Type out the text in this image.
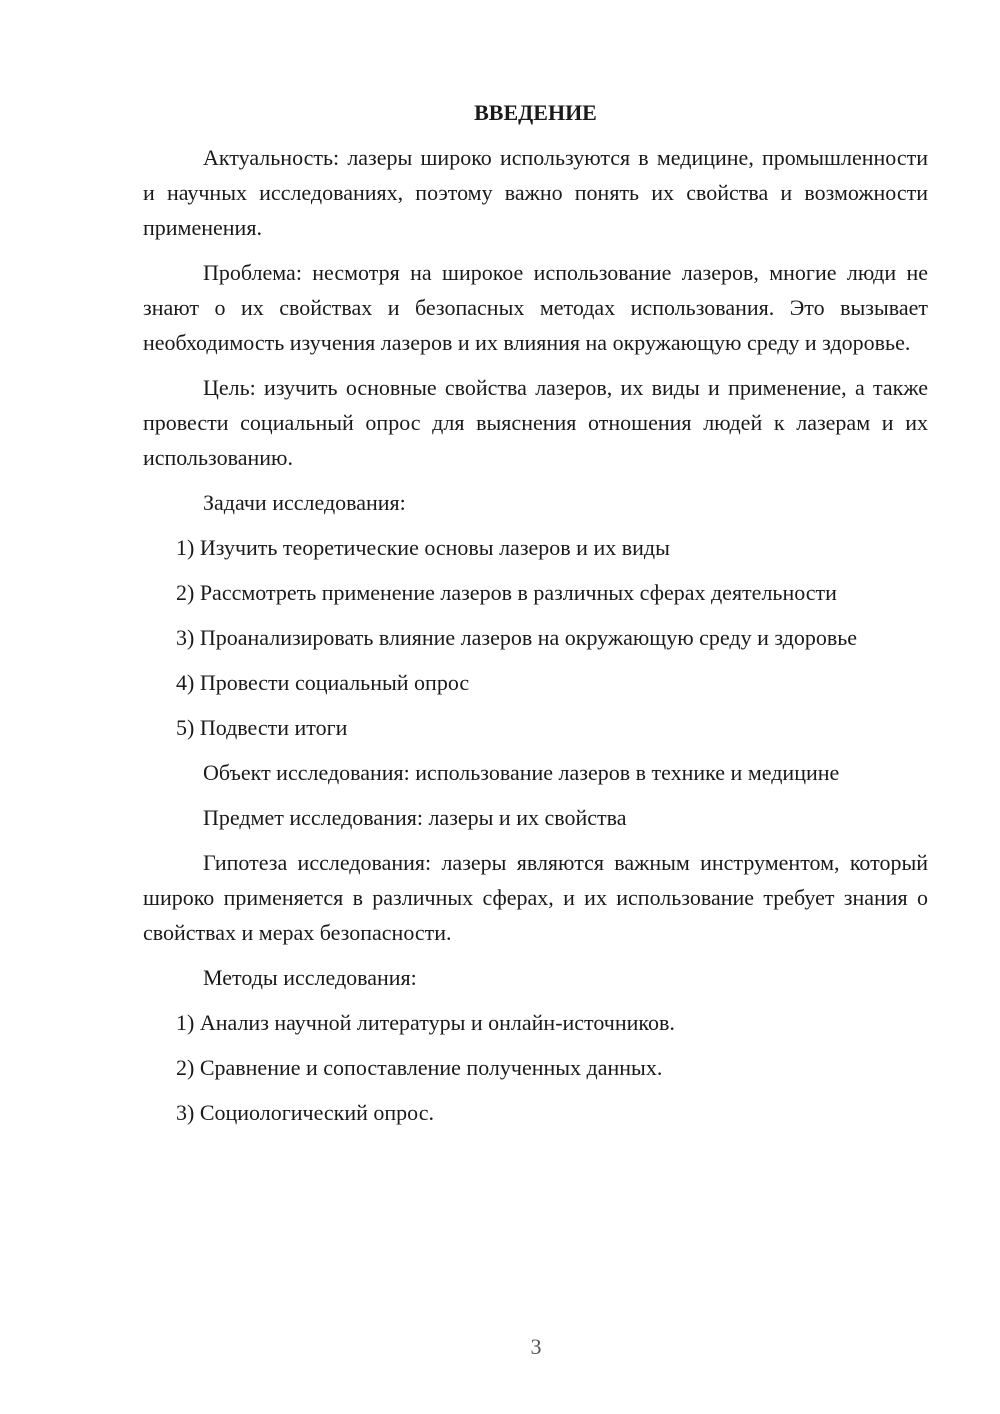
ВВЕДЕНИЕ

Актуальность: лазеры широко используются в медицине, промышленности и научных исследованиях, поэтому важно понять их свойства и возможности применения.

Проблема: несмотря на широкое использование лазеров, многие люди не знают о их свойствах и безопасных методах использования. Это вызывает необходимость изучения лазеров и их влияния на окружающую среду и здоровье.

Цель: изучить основные свойства лазеров, их виды и применение, а также провести социальный опрос для выяснения отношения людей к лазерам и их использованию.

Задачи исследования:

1) Изучить теоретические основы лазеров и их виды

2) Рассмотреть применение лазеров в различных сферах деятельности

3) Проанализировать влияние лазеров на окружающую среду и здоровье

4) Провести социальный опрос

5) Подвести итоги

Объект исследования: использование лазеров в технике и медицине

Предмет исследования: лазеры и их свойства

Гипотеза исследования: лазеры являются важным инструментом, который широко применяется в различных сферах, и их использование требует знания о свойствах и мерах безопасности.

Методы исследования:

1) Анализ научной литературы и онлайн-источников.

2) Сравнение и сопоставление полученных данных.

3) Социологический опрос.

3
